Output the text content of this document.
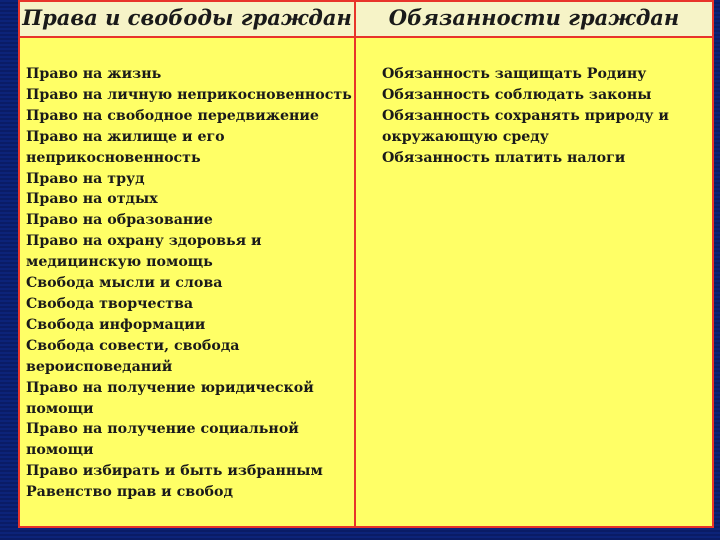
Права и свободы граждан	Обязанности граждан
Право на жизнь
Право на личную неприкосновенность
Право на свободное передвижение
Право на жилище и его
неприкосновенность
Право на труд
Право на отдых
Право на образование
Право на охрану здоровья и
медицинскую помощь
Свобода мысли и слова
Свобода творчества
Свобода информации
Свобода совести, свобода
вероисповеданий
Право на получение юридической
помощи
Право на получение социальной
помощи
Право избирать и быть избранным
Равенство прав и свобод
Обязанность защищать Родину
Обязанность соблюдать законы
Обязанность сохранять природу и
окружающую среду
Обязанность платить налоги
